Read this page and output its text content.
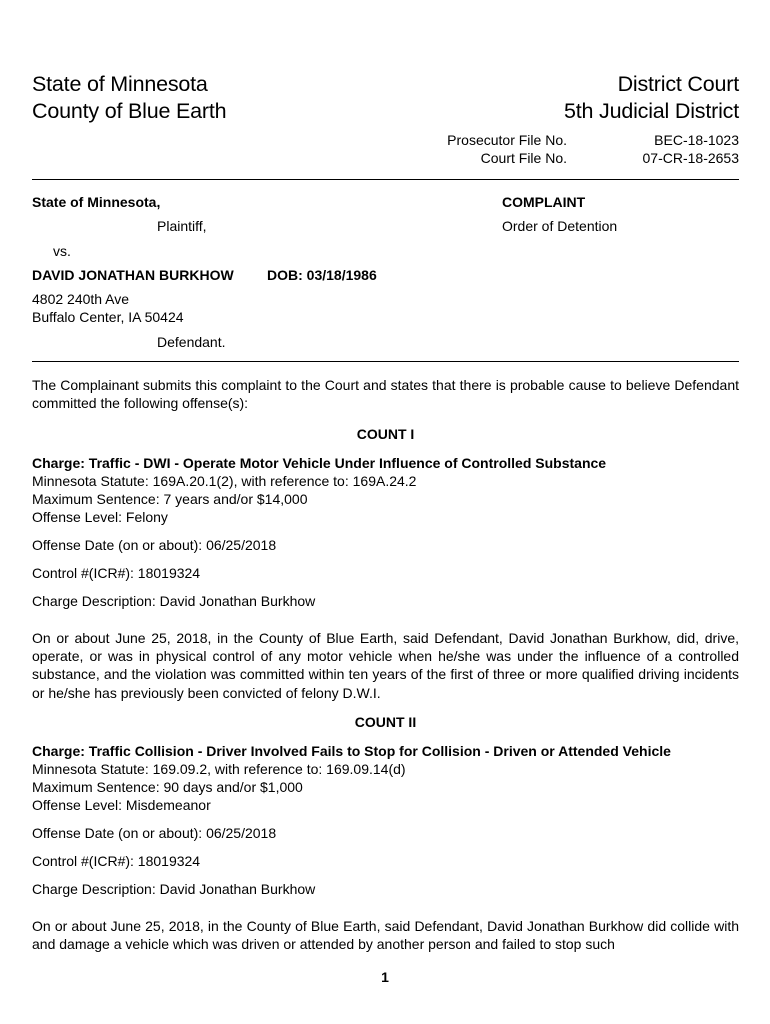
State of Minnesota
County of Blue Earth
District Court
5th Judicial District
Prosecutor File No.	BEC-18-1023
Court File No.	07-CR-18-2653
State of Minnesota,
Plaintiff,
vs.
DAVID JONATHAN BURKHOW DOB: 03/18/1986
4802 240th Ave
Buffalo Center, IA 50424
Defendant.
COMPLAINT
Order of Detention
The Complainant submits this complaint to the Court and states that there is probable cause to believe Defendant committed the following offense(s):
COUNT I
Charge: Traffic - DWI - Operate Motor Vehicle Under Influence of Controlled Substance
Minnesota Statute: 169A.20.1(2), with reference to: 169A.24.2
Maximum Sentence: 7 years and/or $14,000
Offense Level: Felony
Offense Date (on or about): 06/25/2018
Control #(ICR#): 18019324
Charge Description: David Jonathan Burkhow
On or about June 25, 2018, in the County of Blue Earth, said Defendant, David Jonathan Burkhow, did, drive, operate, or was in physical control of any motor vehicle when he/she was under the influence of a controlled substance, and the violation was committed within ten years of the first of three or more qualified driving incidents or he/she has previously been convicted of felony D.W.I.
COUNT II
Charge: Traffic Collision - Driver Involved Fails to Stop for Collision - Driven or Attended Vehicle
Minnesota Statute: 169.09.2, with reference to: 169.09.14(d)
Maximum Sentence: 90 days and/or $1,000
Offense Level: Misdemeanor
Offense Date (on or about): 06/25/2018
Control #(ICR#): 18019324
Charge Description: David Jonathan Burkhow
On or about June 25, 2018, in the County of Blue Earth, said Defendant, David Jonathan Burkhow did collide with and damage a vehicle which was driven or attended by another person and failed to stop such
1
